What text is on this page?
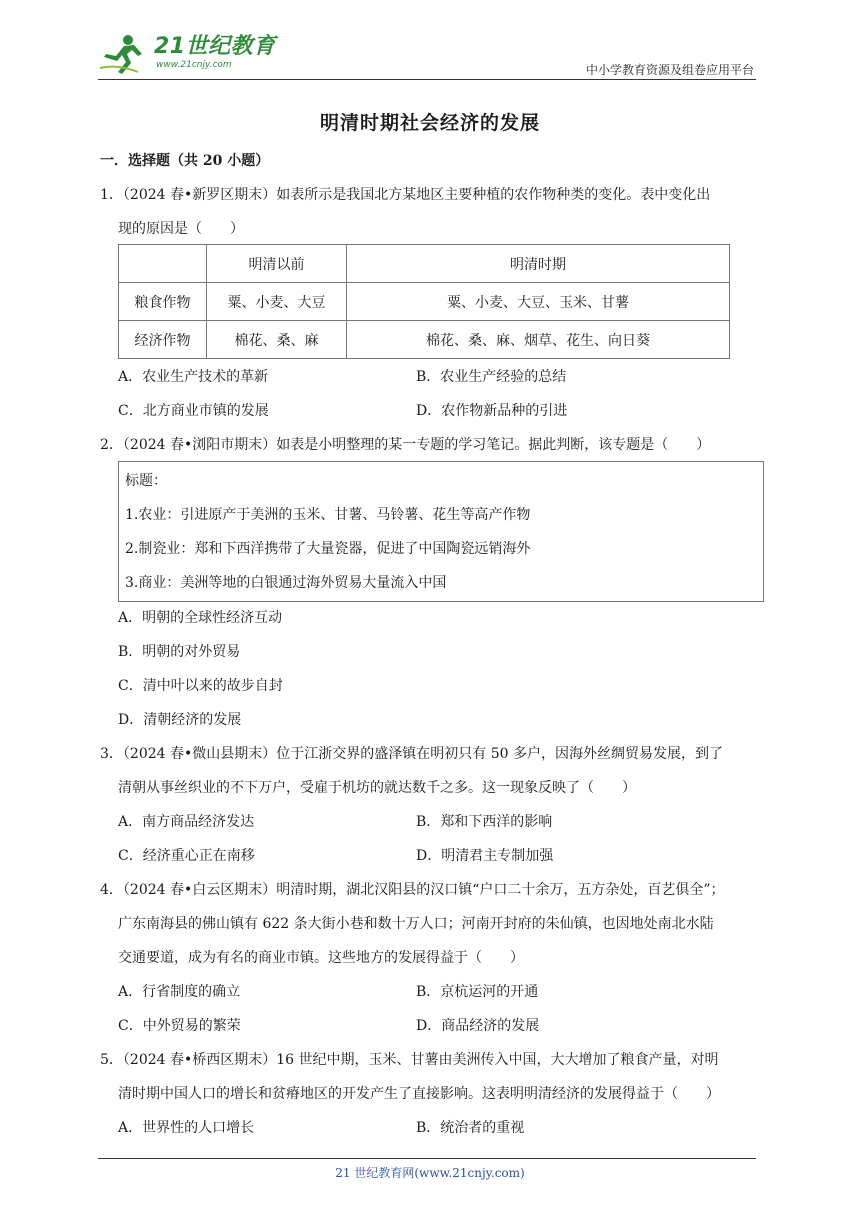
21世纪教育
www.21cnjy.com	中小学教育资源及组卷应用平台
明清时期社会经济的发展
一．选择题（共 20 小题）
1．（2024 春•新罗区期末）如表所示是我国北方某地区主要种植的农作物种类的变化。表中变化出
现的原因是（　　）
	明清以前	明清时期
粮食作物	粟、小麦、大豆	粟、小麦、大豆、玉米、甘薯
经济作物	棉花、桑、麻	棉花、桑、麻、烟草、花生、向日葵
A．农业生产技术的革新	B．农业生产经验的总结
C．北方商业市镇的发展	D．农作物新品种的引进
2．（2024 春•浏阳市期末）如表是小明整理的某一专题的学习笔记。据此判断，该专题是（　　）
标题：
1.农业：引进原产于美洲的玉米、甘薯、马铃薯、花生等高产作物
2.制瓷业：郑和下西洋携带了大量瓷器，促进了中国陶瓷远销海外
3.商业：美洲等地的白银通过海外贸易大量流入中国
A．明朝的全球性经济互动
B．明朝的对外贸易
C．清中叶以来的故步自封
D．清朝经济的发展
3．（2024 春•微山县期末）位于江浙交界的盛泽镇在明初只有 50 多户，因海外丝绸贸易发展，到了
清朝从事丝织业的不下万户，受雇于机坊的就达数千之多。这一现象反映了（　　）
A．南方商品经济发达	B．郑和下西洋的影响
C．经济重心正在南移	D．明清君主专制加强
4．（2024 春•白云区期末）明清时期，湖北汉阳县的汉口镇“户口二十余万，五方杂处，百艺俱全”；
广东南海县的佛山镇有 622 条大街小巷和数十万人口；河南开封府的朱仙镇，也因地处南北水陆
交通要道，成为有名的商业市镇。这些地方的发展得益于（　　）
A．行省制度的确立	B．京杭运河的开通
C．中外贸易的繁荣	D．商品经济的发展
5．（2024 春•桥西区期末）16 世纪中期，玉米、甘薯由美洲传入中国，大大增加了粮食产量，对明
清时期中国人口的增长和贫瘠地区的开发产生了直接影响。这表明明清经济的发展得益于（　　）
A．世界性的人口增长	B．统治者的重视
21 世纪教育网(www.21cnjy.com)
